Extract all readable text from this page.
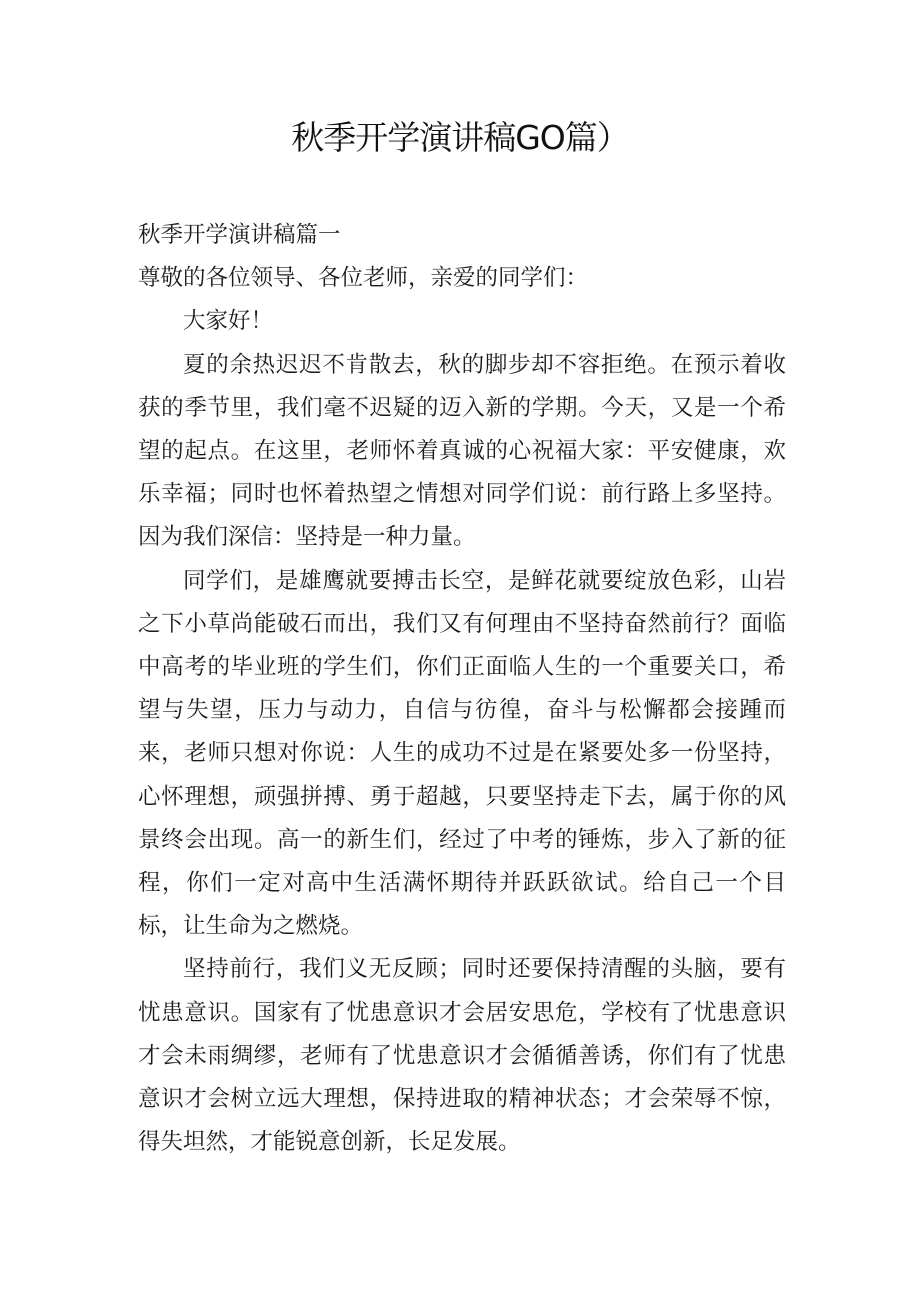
秋季开学演讲稿GO篇）

秋季开学演讲稿篇一

尊敬的各位领导、各位老师，亲爱的同学们：

大家好！

夏的余热迟迟不肯散去，秋的脚步却不容拒绝。在预示着收获的季节里，我们毫不迟疑的迈入新的学期。今天，又是一个希望的起点。在这里，老师怀着真诚的心祝福大家：平安健康，欢乐幸福；同时也怀着热望之情想对同学们说：前行路上多坚持。因为我们深信：坚持是一种力量。

同学们，是雄鹰就要搏击长空，是鲜花就要绽放色彩，山岩之下小草尚能破石而出，我们又有何理由不坚持奋然前行？面临中高考的毕业班的学生们，你们正面临人生的一个重要关口，希望与失望，压力与动力，自信与彷徨，奋斗与松懈都会接踵而来，老师只想对你说：人生的成功不过是在紧要处多一份坚持，心怀理想，顽强拼搏、勇于超越，只要坚持走下去，属于你的风景终会出现。高一的新生们，经过了中考的锤炼，步入了新的征程，你们一定对高中生活满怀期待并跃跃欲试。给自己一个目标，让生命为之燃烧。

坚持前行，我们义无反顾；同时还要保持清醒的头脑，要有忧患意识。国家有了忧患意识才会居安思危，学校有了忧患意识才会未雨绸缪，老师有了忧患意识才会循循善诱，你们有了忧患意识才会树立远大理想，保持进取的精神状态；才会荣辱不惊，得失坦然，才能锐意创新，长足发展。
